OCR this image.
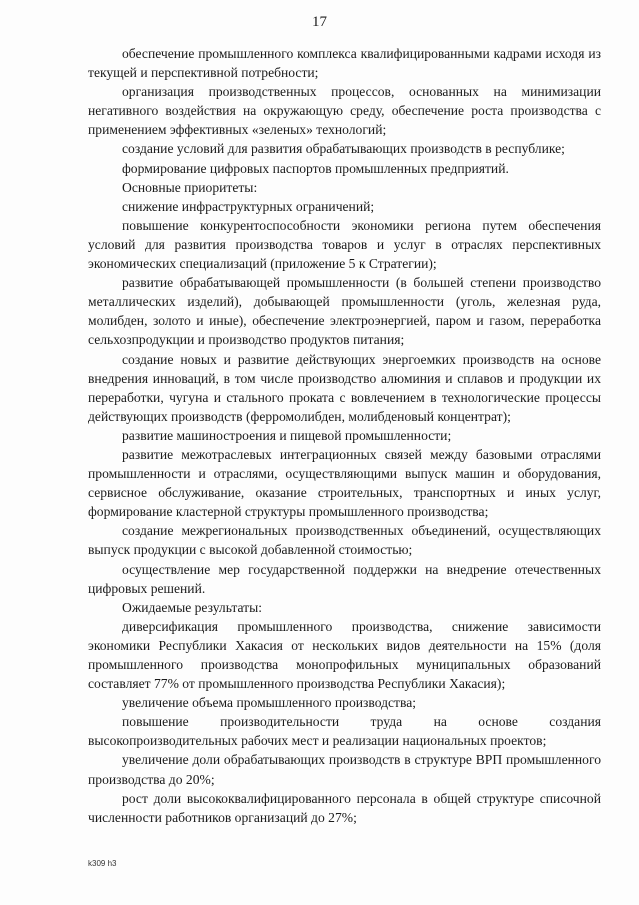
17

обеспечение промышленного комплекса квалифицированными кадрами исходя из текущей и перспективной потребности;

организация производственных процессов, основанных на минимизации негативного воздействия на окружающую среду, обеспечение роста производства с применением эффективных «зеленых» технологий;

создание условий для развития обрабатывающих производств в республике;

формирование цифровых паспортов промышленных предприятий.

Основные приоритеты:

снижение инфраструктурных ограничений;

повышение конкурентоспособности экономики региона путем обеспечения условий для развития производства товаров и услуг в отраслях перспективных экономических специализаций (приложение 5 к Стратегии);

развитие обрабатывающей промышленности (в большей степени производство металлических изделий), добывающей промышленности (уголь, железная руда, молибден, золото и иные), обеспечение электроэнергией, паром и газом, переработка сельхозпродукции и производство продуктов питания;

создание новых и развитие действующих энергоемких производств на основе внедрения инноваций, в том числе производство алюминия и сплавов и продукции их переработки, чугуна и стального проката с вовлечением в технологические процессы действующих производств (ферромолибден, молибденовый концентрат);

развитие машиностроения и пищевой промышленности;

развитие межотраслевых интеграционных связей между базовыми отраслями промышленности и отраслями, осуществляющими выпуск машин и оборудования, сервисное обслуживание, оказание строительных, транспортных и иных услуг, формирование кластерной структуры промышленного производства;

создание межрегиональных производственных объединений, осуществляющих выпуск продукции с высокой добавленной стоимостью;

осуществление мер государственной поддержки на внедрение отечественных цифровых решений.

Ожидаемые результаты:

диверсификация промышленного производства, снижение зависимости экономики Республики Хакасия от нескольких видов деятельности на 15% (доля промышленного производства монопрофильных муниципальных образований составляет 77% от промышленного производства Республики Хакасия);

увеличение объема промышленного производства;

повышение производительности труда на основе создания высокопроизводительных рабочих мест и реализации национальных проектов;

увеличение доли обрабатывающих производств в структуре ВРП промышленного производства до 20%;

рост доли высококвалифицированного персонала в общей структуре списочной численности работников организаций до 27%;

k309 h3
